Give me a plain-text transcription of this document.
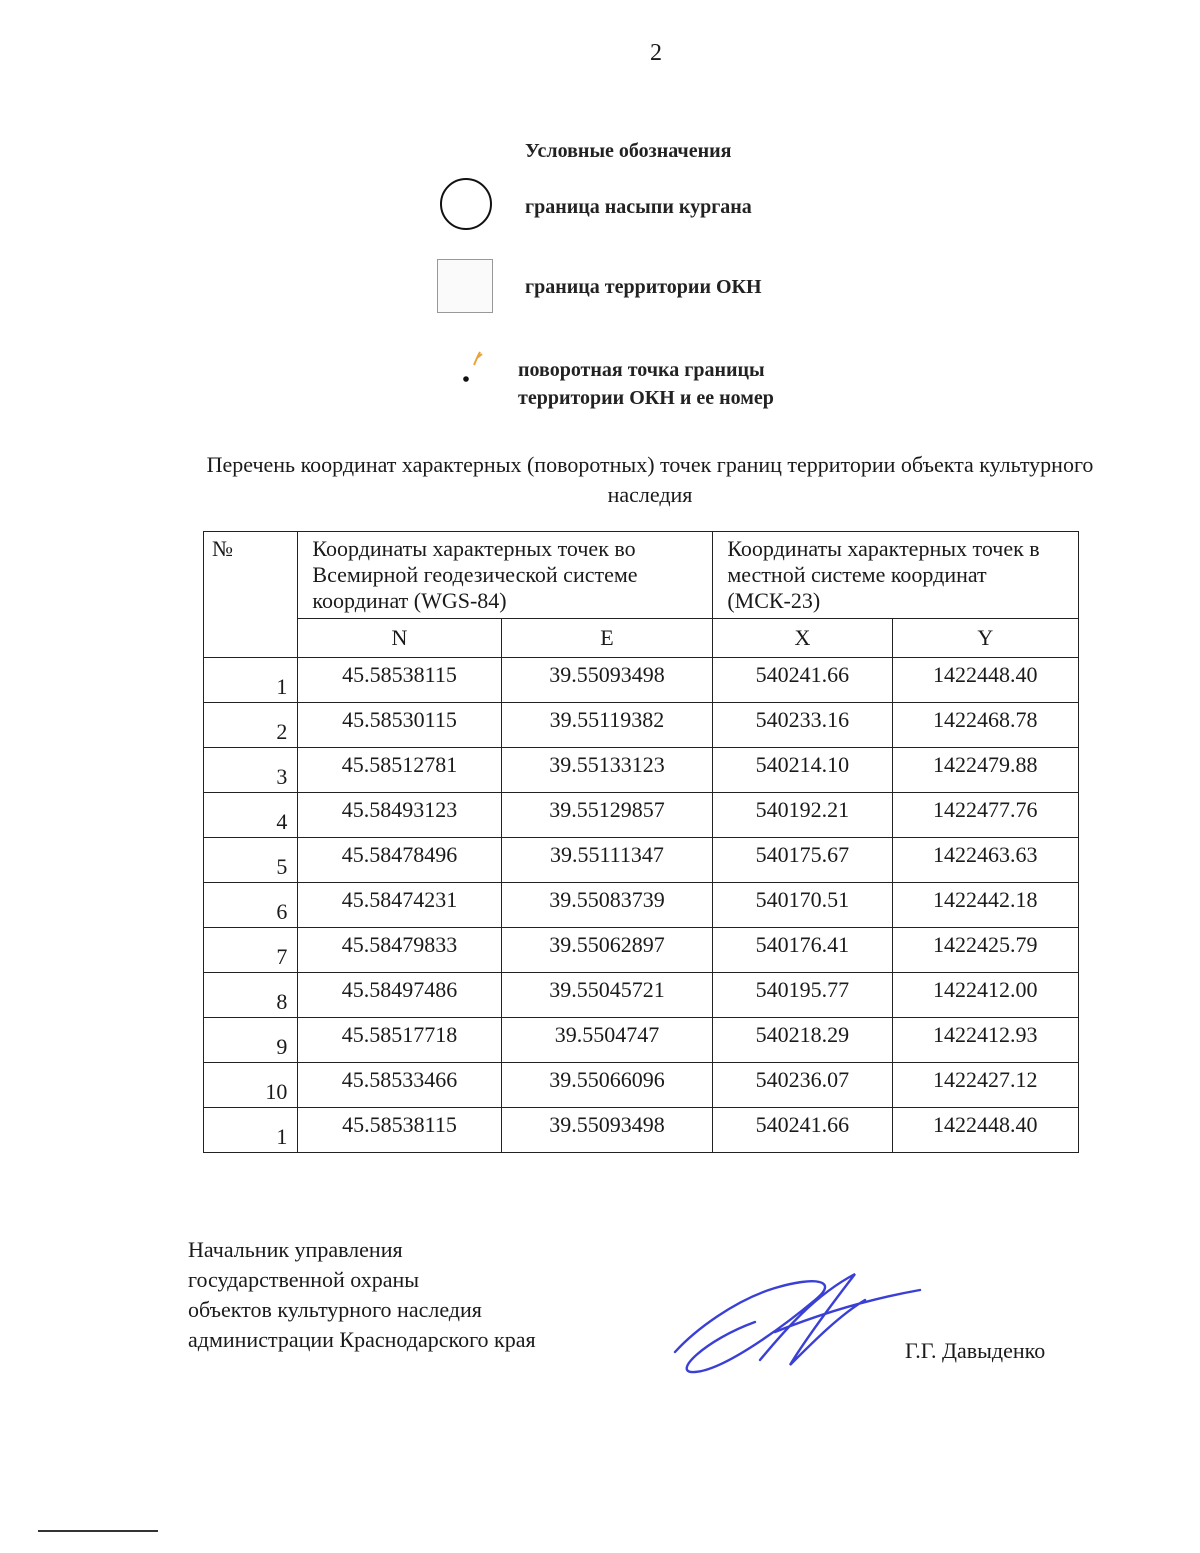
2
Условные обозначения
граница насыпи кургана
граница территории ОКН
поворотная точка границы территории ОКН и ее номер
Перечень координат характерных (поворотных) точек границ территории объекта культурного наследия
№	Координаты характерных точек во Всемирной геодезической системе координат (WGS-84)		Координаты характерных точек в местной системе координат (МСК-23)	
	N	E	X	Y
1	45.58538115	39.55093498	540241.66	1422448.40
2	45.58530115	39.55119382	540233.16	1422468.78
3	45.58512781	39.55133123	540214.10	1422479.88
4	45.58493123	39.55129857	540192.21	1422477.76
5	45.58478496	39.55111347	540175.67	1422463.63
6	45.58474231	39.55083739	540170.51	1422442.18
7	45.58479833	39.55062897	540176.41	1422425.79
8	45.58497486	39.55045721	540195.77	1422412.00
9	45.58517718	39.5504747	540218.29	1422412.93
10	45.58533466	39.55066096	540236.07	1422427.12
1	45.58538115	39.55093498	540241.66	1422448.40
Начальник управления
государственной охраны
объектов культурного наследия
администрации Краснодарского края	Г.Г. Давыденко
